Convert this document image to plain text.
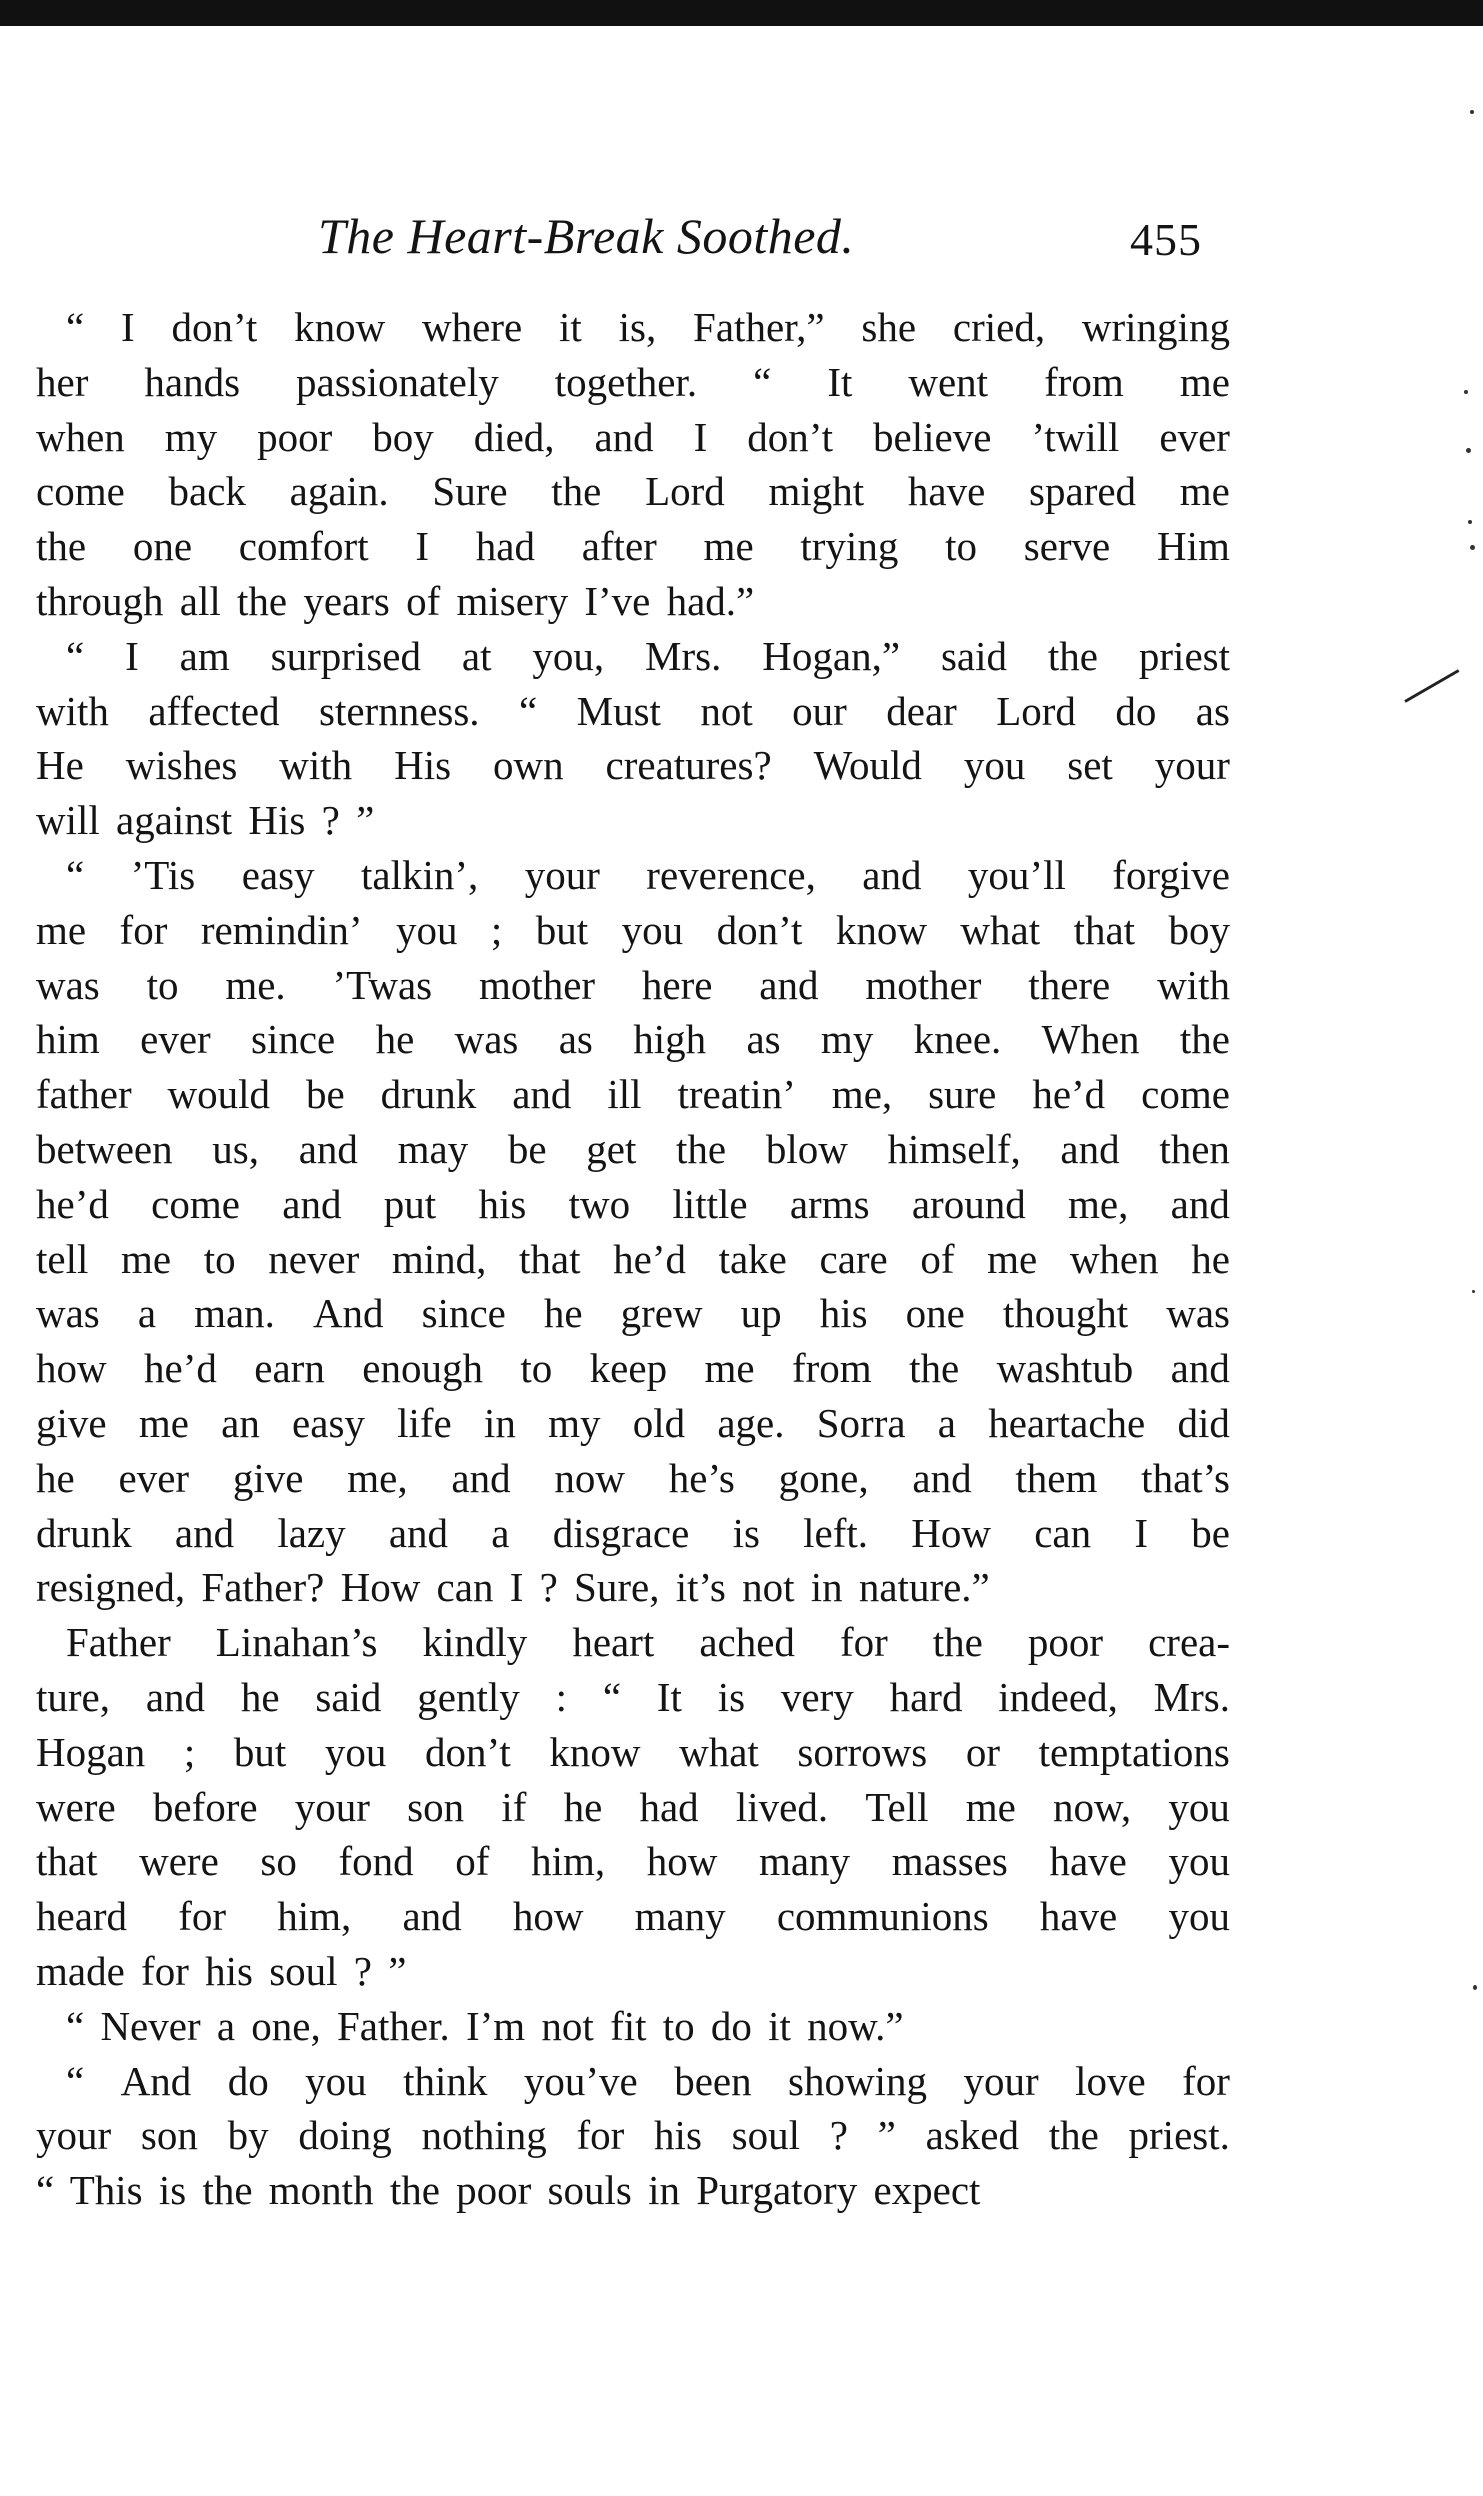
The Heart-Break Soothed.	455
“ I don’t know where it is, Father,” she cried, wringing
her hands passionately together. “ It went from me
when my poor boy died, and I don’t believe ’twill ever
come back again. Sure the Lord might have spared me
the one comfort I had after me trying to serve Him
through all the years of misery I’ve had.”
“ I am surprised at you, Mrs. Hogan,” said the priest
with affected sternness. “ Must not our dear Lord do as
He wishes with His own creatures? Would you set your
will against His ? ”
“ ’Tis easy talkin’, your reverence, and you’ll forgive
me for remindin’ you ; but you don’t know what that boy
was to me. ’Twas mother here and mother there with
him ever since he was as high as my knee. When the
father would be drunk and ill treatin’ me, sure he’d come
between us, and may be get the blow himself, and then
he’d come and put his two little arms around me, and
tell me to never mind, that he’d take care of me when he
was a man. And since he grew up his one thought was
how he’d earn enough to keep me from the washtub and
give me an easy life in my old age. Sorra a heartache did
he ever give me, and now he’s gone, and them that’s
drunk and lazy and a disgrace is left. How can I be
resigned, Father? How can I ? Sure, it’s not in nature.”
Father Linahan’s kindly heart ached for the poor crea-
ture, and he said gently : “ It is very hard indeed, Mrs.
Hogan ; but you don’t know what sorrows or temptations
were before your son if he had lived. Tell me now, you
that were so fond of him, how many masses have you
heard for him, and how many communions have you
made for his soul ? ”
“ Never a one, Father. I’m not fit to do it now.”
“ And do you think you’ve been showing your love for
your son by doing nothing for his soul ? ” asked the priest.
“ This is the month the poor souls in Purgatory expect
